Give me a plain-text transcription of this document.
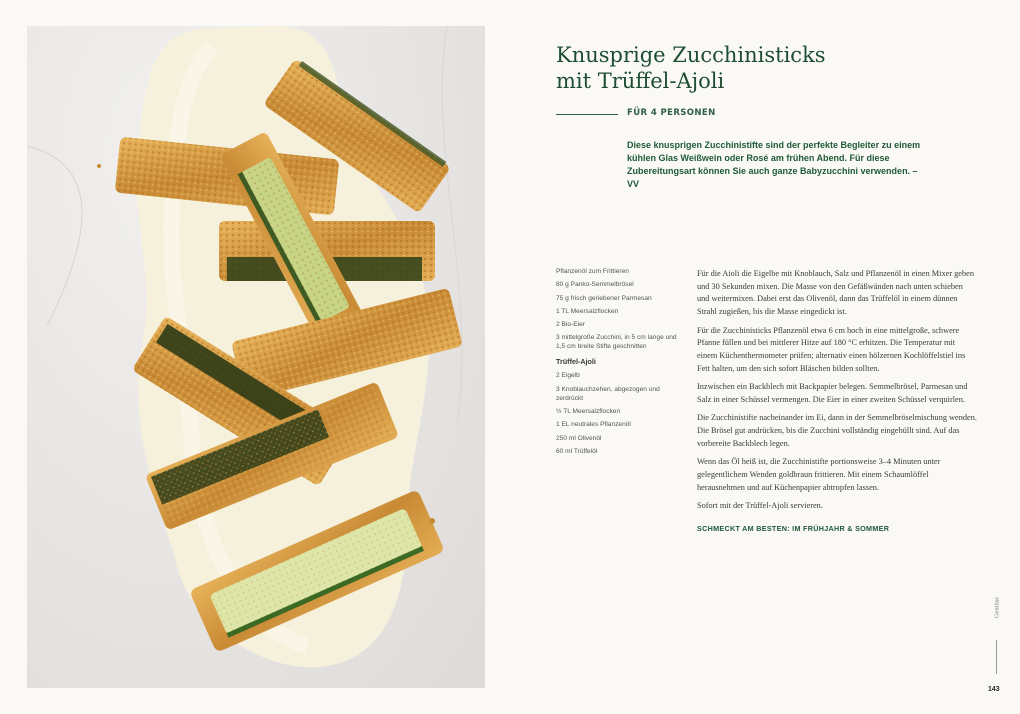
Knusprige Zucchinisticks
mit Trüffel-Ajoli
FÜR 4 PERSONEN

Diese knusprigen Zucchinistifte sind der perfekte Begleiter zu einem kühlen Glas Weißwein oder Rosé am frühen Abend. Für diese Zubereitungsart können Sie auch ganze Babyzucchini verwenden. –VV

Pflanzenöl zum Frittieren
80 g Panko-Semmelbrösel
75 g frisch geriebener Parmesan
1 TL Meersalzflocken
2 Bio-Eier
3 mittelgroße Zucchini, in 5 cm lange und 1,5 cm breite Stifte geschnitten
Trüffel-Ajoli
2 Eigelb
3 Knoblauchzehen, abgezogen und zerdrückt
½ TL Meersalzflocken
1 EL neutrales Pflanzenöl
250 ml Olivenöl
60 ml Trüffelöl

Für die Aioli die Eigelbe mit Knoblauch, Salz und Pflanzenöl in einen Mixer geben und 30 Sekunden mixen. Die Masse von den Gefäßwänden nach unten schieben und weitermixen. Dabei erst das Olivenöl, dann das Trüffelöl in einem dünnen Strahl zugießen, bis die Masse eingedickt ist.

Für die Zucchinisticks Pflanzenöl etwa 6 cm hoch in eine mittelgroße, schwere Pfanne füllen und bei mittlerer Hitze auf 180 °C erhitzen. Die Temperatur mit einem Küchenthermometer prüfen; alternativ einen hölzernen Kochlöffelstiel ins Fett halten, um den sich sofort Bläschen bilden sollten.

Inzwischen ein Backblech mit Backpapier belegen. Semmelbrösel, Parmesan und Salz in einer Schüssel vermengen. Die Eier in einer zweiten Schüssel verquirlen.

Die Zucchinistifte nacheinander im Ei, dann in der Semmelbröselmischung wenden. Die Brösel gut andrücken, bis die Zucchini vollständig eingehüllt sind. Auf das vorbereite Backblech legen.

Wenn das Öl heiß ist, die Zucchinistifte portionsweise 3–4 Minuten unter gelegentlichem Wenden goldbraun frittieren. Mit einem Schaumlöffel herausnehmen und auf Küchenpapier abtropfen lassen.

Sofort mit der Trüffel-Ajoli servieren.

SCHMECKT AM BESTEN: IM FRÜHJAHR & SOMMER
Gemüse
143
